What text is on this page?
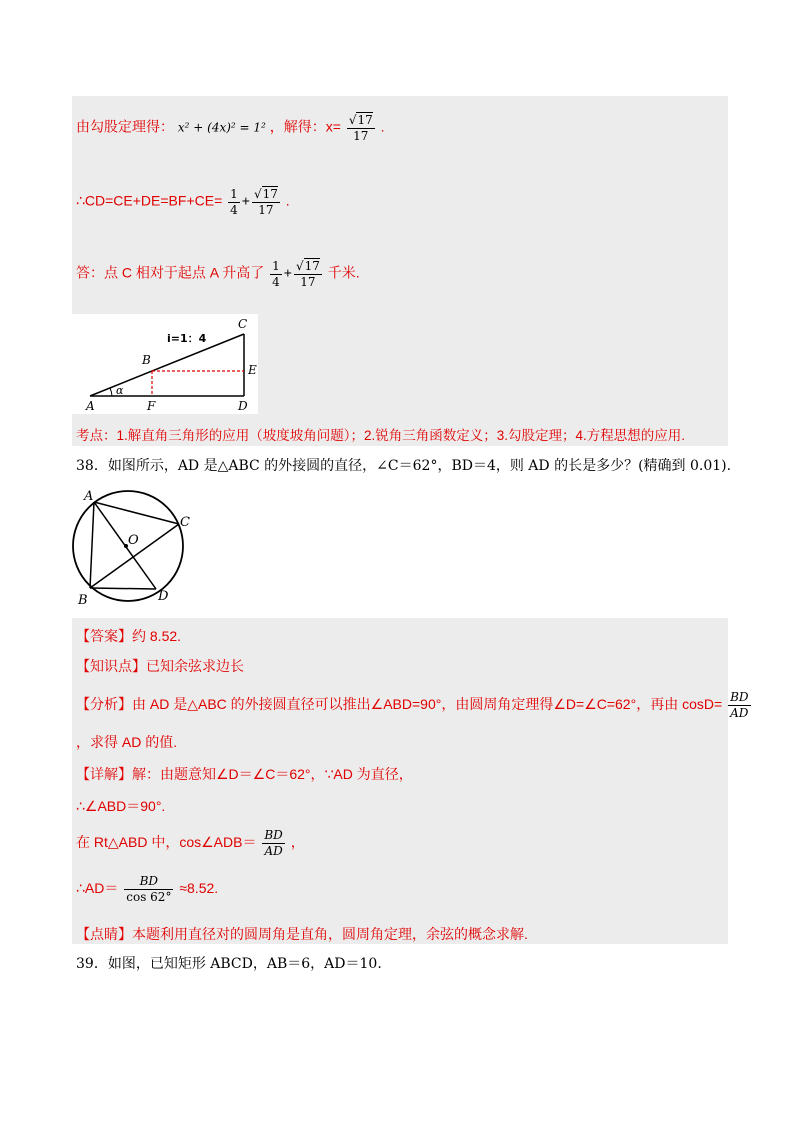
由勾股定理得： x² + (4x)² = 1² ，解得：$x= \frac{√17}{17}$ .
∴CD=CE+DE=BF+CE= $\frac{1}{4} + \frac{√17}{17}$ .
答：点 C 相对于起点 A 升高了 $\frac{1}{4} + \frac{√17}{17}$ 千米.
i=1：4
A	F	D
B
C
E
α
考点：1.解直角三角形的应用（坡度坡角问题）；2.锐角三角函数定义；3.勾股定理；4.方程思想的应用.
38．如图所示，AD 是△ABC 的外接圆的直径，∠C＝62°，BD＝4，则 AD 的长是多少？(精确到 0.01).
A
B
C
D
O
【答案】约 8.52.
【知识点】已知余弦求边长
【分析】由 AD 是△ABC 的外接圆直径可以推出∠ABD=90°，由圆周角定理得∠D=∠C=62°，再由 $\cos D= \frac{BD}{AD}$
，求得 AD 的值.
【详解】解：由题意知∠D＝∠C＝62°，∵AD 为直径，
∴∠ABD＝90°.
在 Rt△ABD 中，cos∠ADB＝ $\frac{BD}{AD}$ ，
∴AD＝ $\frac{BD}{\cos 62^\circ} \approx 8.52$.
【点睛】本题利用直径对的圆周角是直角，圆周角定理，余弦的概念求解.
39．如图，已知矩形 ABCD，AB＝6，AD＝10.
